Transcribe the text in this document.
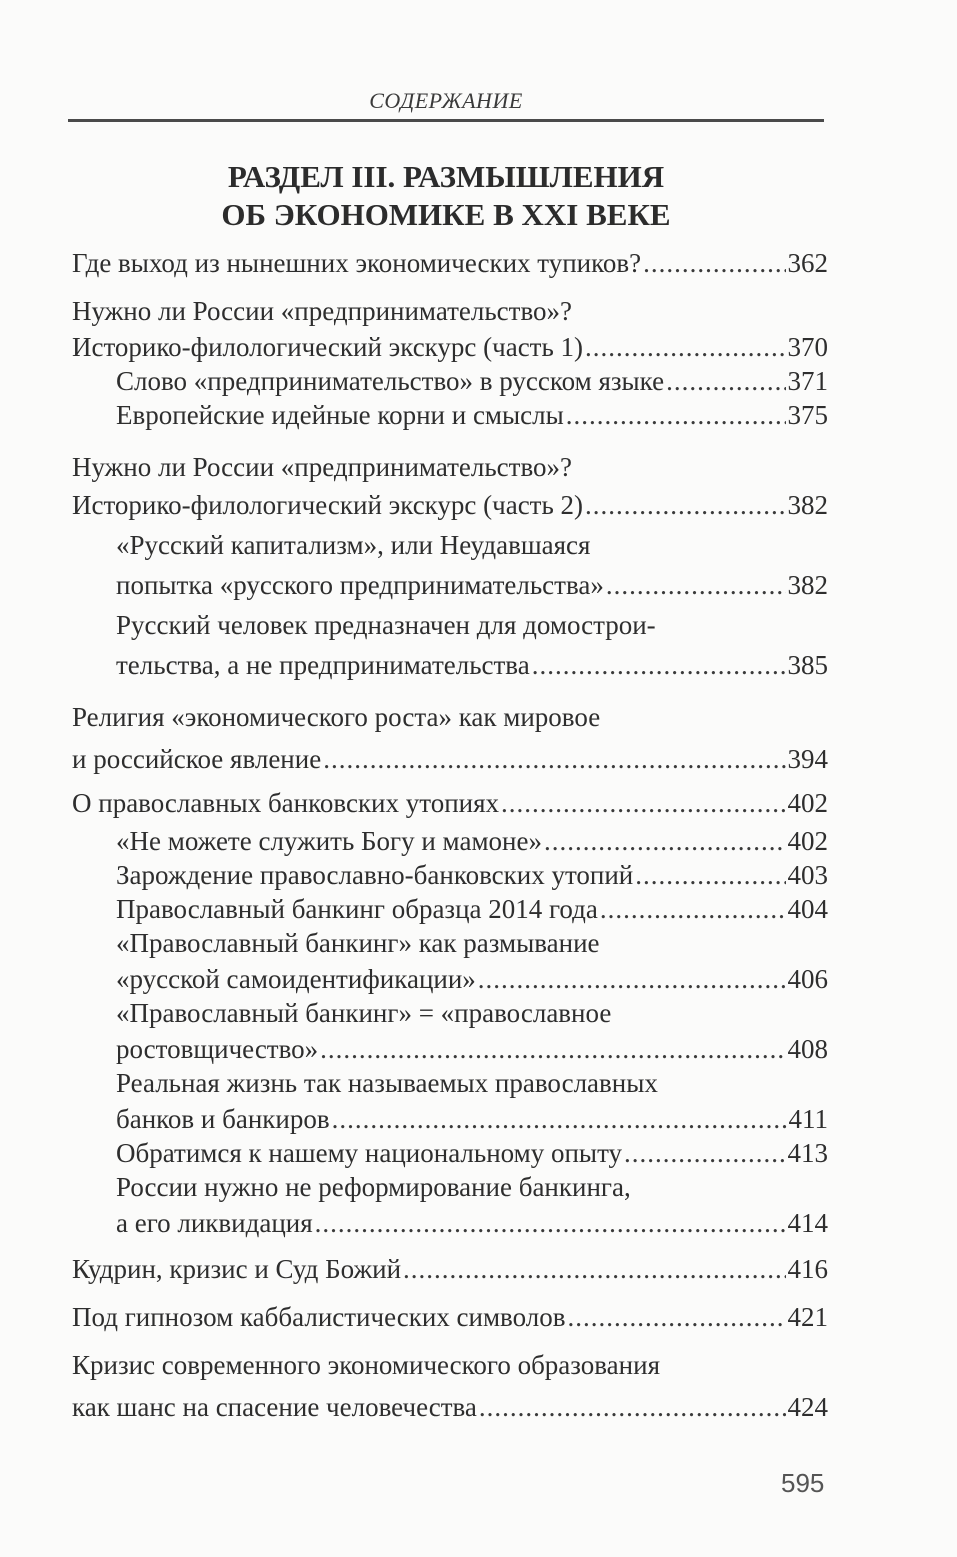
СОДЕРЖАНИЕ
РАЗДЕЛ III. РАЗМЫШЛЕНИЯ
ОБ ЭКОНОМИКЕ В XXI ВЕКЕ
Где выход из нынешних экономических тупиков? .....	362
Нужно ли России «предпринимательство»?
Историко-филологический экскурс (часть 1) .....	370
Слово «предпринимательство» в русском языке .....	371
Европейские идейные корни и смыслы .....	375
Нужно ли России «предпринимательство»?
Историко-филологический экскурс (часть 2) .....	382
«Русский капитализм», или Неудавшаяся
попытка «русского предпринимательства» .....	382
Русский человек предназначен для домострои-
тельства, а не предпринимательства .....	385
Религия «экономического роста» как мировое
и российское явление .....	394
О православных банковских утопиях .....	402
«Не можете служить Богу и мамоне» .....	402
Зарождение православно-банковских утопий .....	403
Православный банкинг образца 2014 года .....	404
«Православный банкинг» как размывание
«русской самоидентификации» .....	406
«Православный банкинг» = «православное
ростовщичество» .....	408
Реальная жизнь так называемых православных
банков и банкиров .....	411
Обратимся к нашему национальному опыту .....	413
России нужно не реформирование банкинга,
а его ликвидация .....	414
Кудрин, кризис и Суд Божий .....	416
Под гипнозом каббалистических символов .....	421
Кризис современного экономического образования
как шанс на спасение человечества .....	424
595
